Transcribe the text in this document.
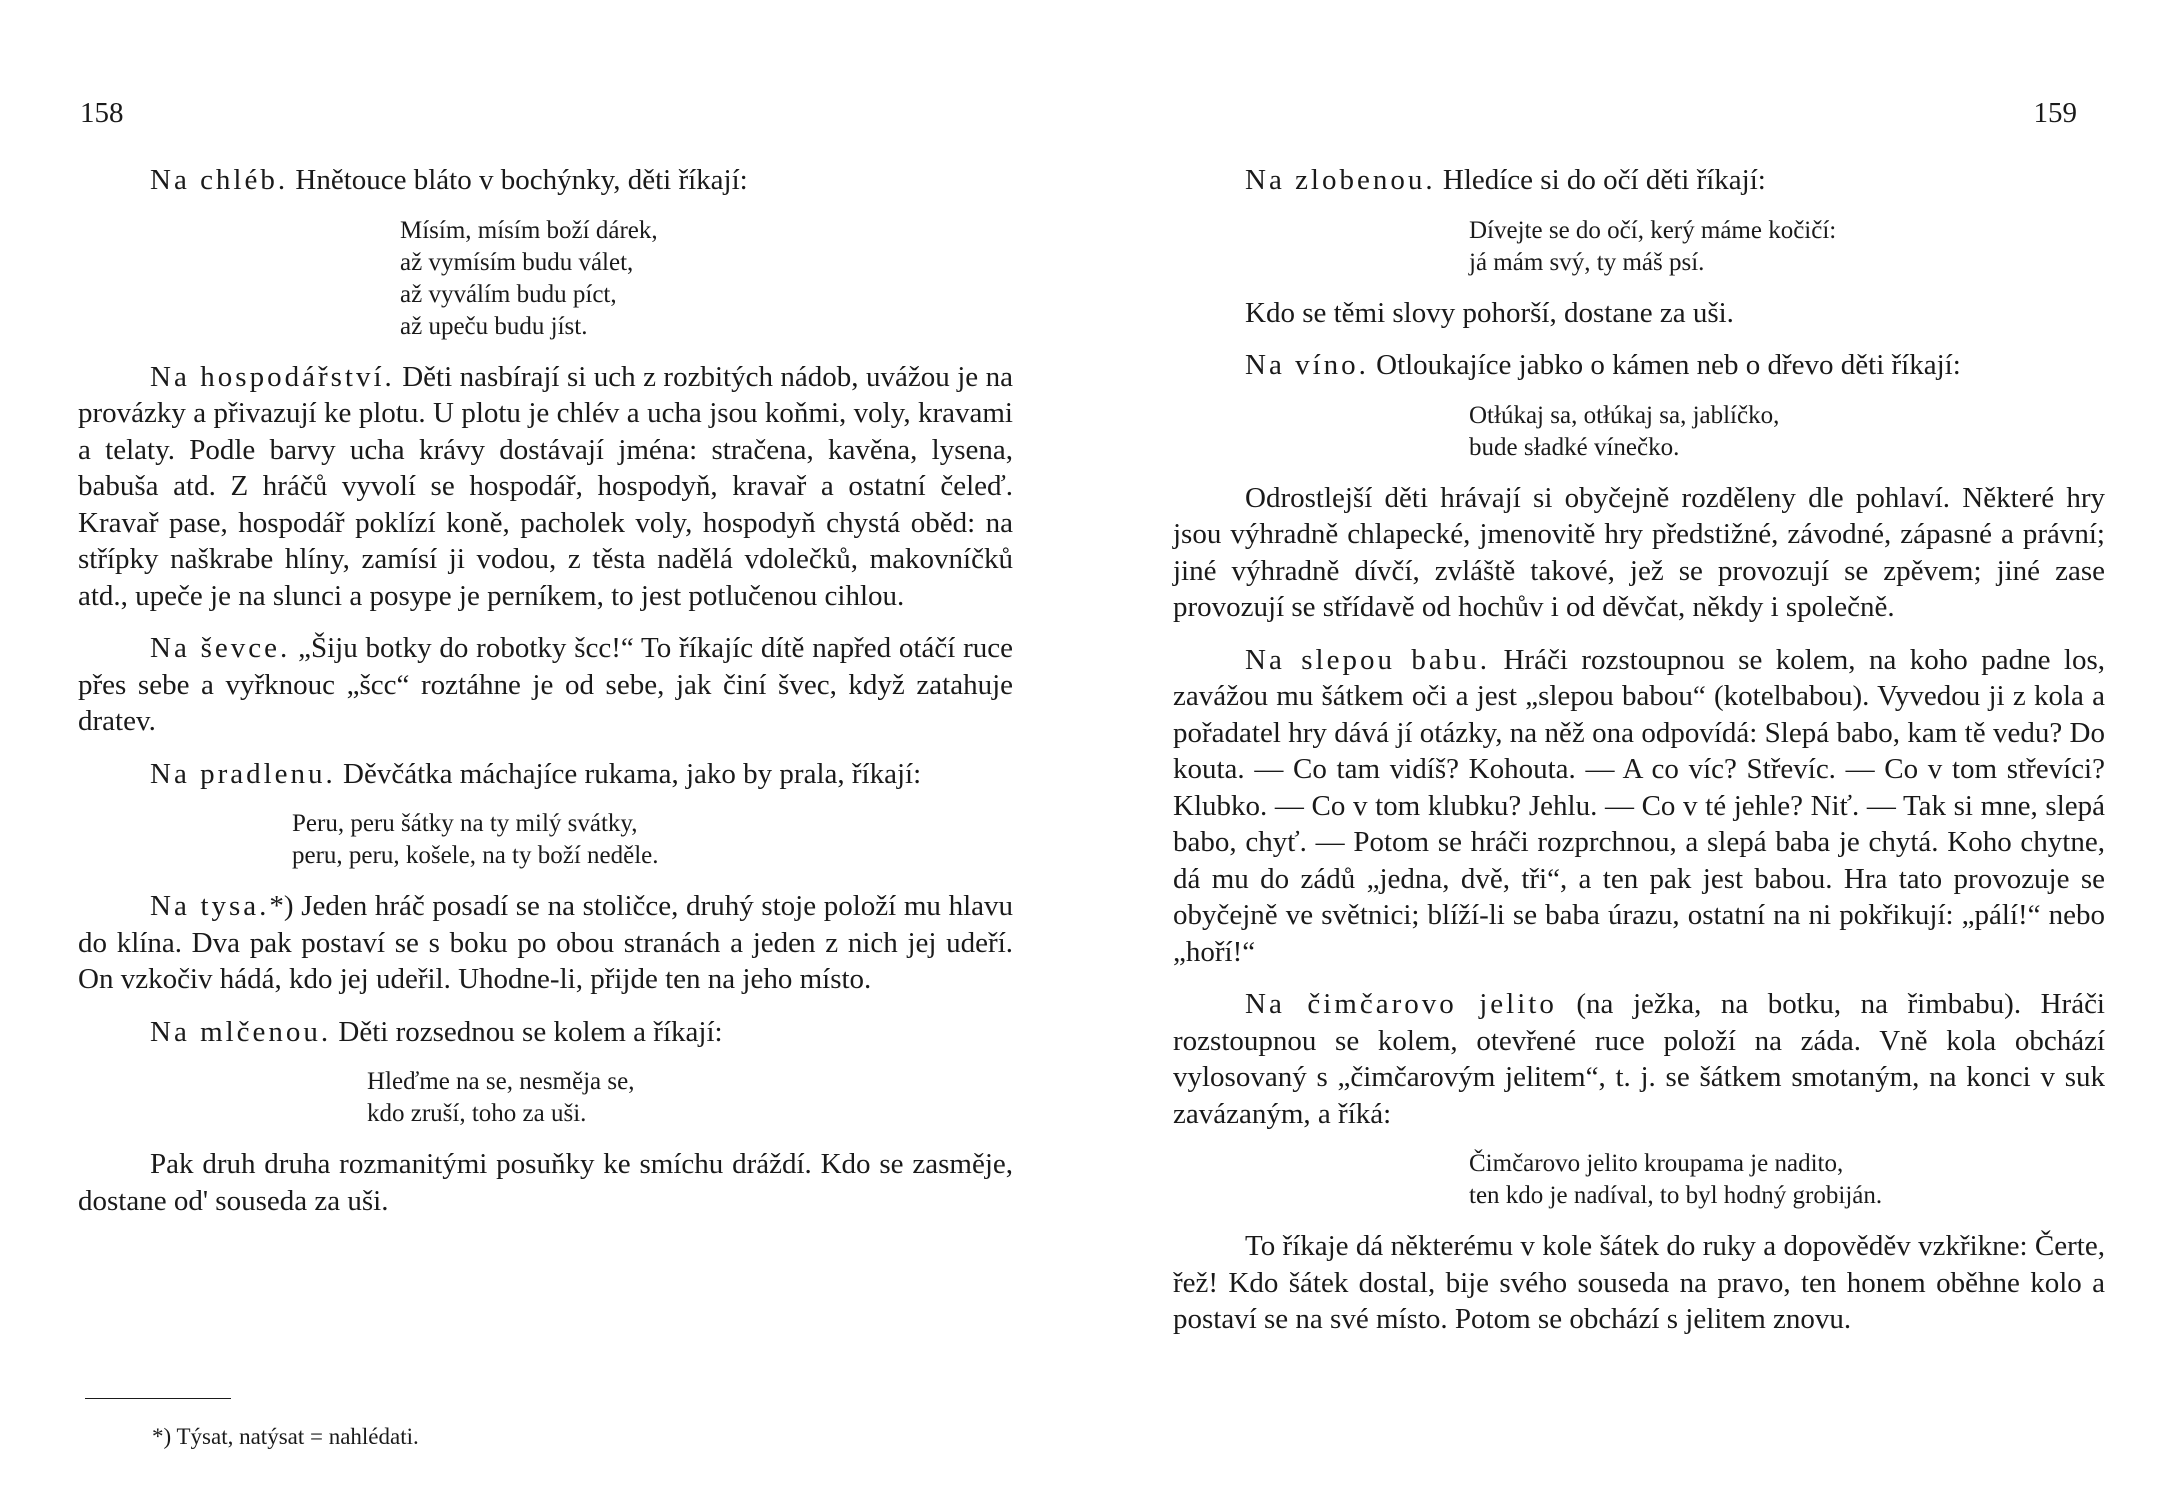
158

Na chléb. Hnětouce bláto v bochýnky, děti říkají:

Mísím, mísím boží dárek,
až vymísím budu válet,
až vyválím budu píct,
až upeču budu jíst.

Na hospodářství. Děti nasbírají si uch z rozbitých nádob, uvážou je na provázky a přivazují ke plotu. U plotu je chlév a ucha jsou koňmi, voly, kravami a telaty. Podle barvy ucha krávy dostávají jména: stračena, kavěna, lysena, babuša atd. Z hráčů vyvolí se hospodář, hospodyň, kravař a ostatní čeleď. Kravař pase, hospodář poklízí koně, pacholek voly, hospodyň chystá oběd: na střípky naškrabe hlíny, zamísí ji vodou, z těsta nadělá vdolečků, makovníčků atd., upeče je na slunci a posype je perníkem, to jest potlučenou cihlou.

Na ševce. „Šiju botky do robotky šcc!“ To říkajíc dítě napřed otáčí ruce přes sebe a vyřknouc „šcc“ roztáhne je od sebe, jak činí švec, když zatahuje dratev.

Na pradlenu. Děvčátka máchajíce rukama, jako by prala, říkají:

Peru, peru šátky na ty milý svátky,
peru, peru, košele, na ty boží neděle.

Na tysa.*) Jeden hráč posadí se na stoličce, druhý stoje položí mu hlavu do klína. Dva pak postaví se s boku po obou stranách a jeden z nich jej udeří. On vzkočiv hádá, kdo jej udeřil. Uhodne-li, přijde ten na jeho místo.

Na mlčenou. Děti rozsednou se kolem a říkají:

Hleďme na se, nesměja se,
kdo zruší, toho za uši.

Pak druh druha rozmanitými posuňky ke smíchu dráždí. Kdo se zasměje, dostane od' souseda za uši.

*) Týsat, natýsat = nahlédati.
159

Na zlobenou. Hledíce si do očí děti říkají:

Dívejte se do očí, kerý máme kočičí:
já mám svý, ty máš psí.

Kdo se těmi slovy pohorší, dostane za uši.

Na víno. Otloukajíce jabko o kámen neb o dřevo děti říkají:

Otłúkaj sa, otłúkaj sa, jablíčko,
bude sładké vínečko.

Odrostlejší děti hrávají si obyčejně rozděleny dle pohlaví. Některé hry jsou výhradně chlapecké, jmenovitě hry předstižné, závodné, zápasné a právní; jiné výhradně dívčí, zvláště takové, jež se provozují se zpěvem; jiné zase provozují se střídavě od hochův i od děvčat, někdy i společně.

Na slepou babu. Hráči rozstoupnou se kolem, na koho padne los, zavážou mu šátkem oči a jest „slepou babou“ (kotelbabou). Vyvedou ji z kola a pořadatel hry dává jí otázky, na něž ona odpovídá: Slepá babo, kam tě vedu? Do kouta. — Co tam vidíš? Kohouta. — A co víc? Střevíc. — Co v tom střevíci? Klubko. — Co v tom klubku? Jehlu. — Co v té jehle? Niť. — Tak si mne, slepá babo, chyť. — Potom se hráči rozprchnou, a slepá baba je chytá. Koho chytne, dá mu do zádů „jedna, dvě, tři“, a ten pak jest babou. Hra tato provozuje se obyčejně ve světnici; blíží-li se baba úrazu, ostatní na ni pokřikují: „pálí!“ nebo „hoří!“

Na čimčarovo jelito (na ježka, na botku, na řimbabu). Hráči rozstoupnou se kolem, otevřené ruce položí na záda. Vně kola obchází vylosovaný s „čimčarovým jelitem“, t. j. se šátkem smotaným, na konci v suk zavázaným, a říká:

Čimčarovo jelito kroupama je nadito,
ten kdo je nadíval, to byl hodný grobiján.

To říkaje dá některému v kole šátek do ruky a dopověděv vzkřikne: Čerte, řež! Kdo šátek dostal, bije svého souseda na pravo, ten honem oběhne kolo a postaví se na své místo. Potom se obchází s jelitem znovu.
